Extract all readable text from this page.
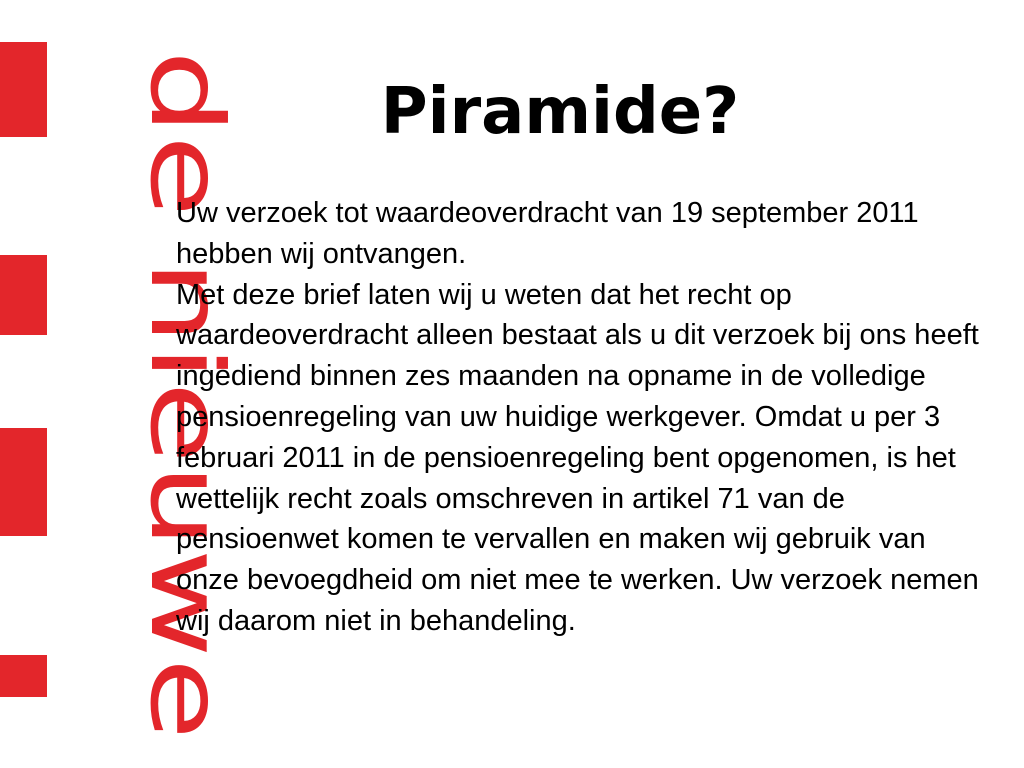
de nieuwe	Piramide?

Uw verzoek tot waardeoverdracht van 19 september 2011 hebben wij ontvangen.

Met deze brief laten wij u weten dat het recht op waardeoverdracht alleen bestaat als u dit verzoek bij ons heeft ingediend binnen zes maanden na opname in de volledige pensioenregeling van uw huidige werkgever. Omdat u per 3 februari 2011 in de pensioenregeling bent opgenomen, is het wettelijk recht zoals omschreven in artikel 71 van de pensioenwet komen te vervallen en maken wij gebruik van onze bevoegdheid om niet mee te werken. Uw verzoek nemen wij daarom niet in behandeling.
